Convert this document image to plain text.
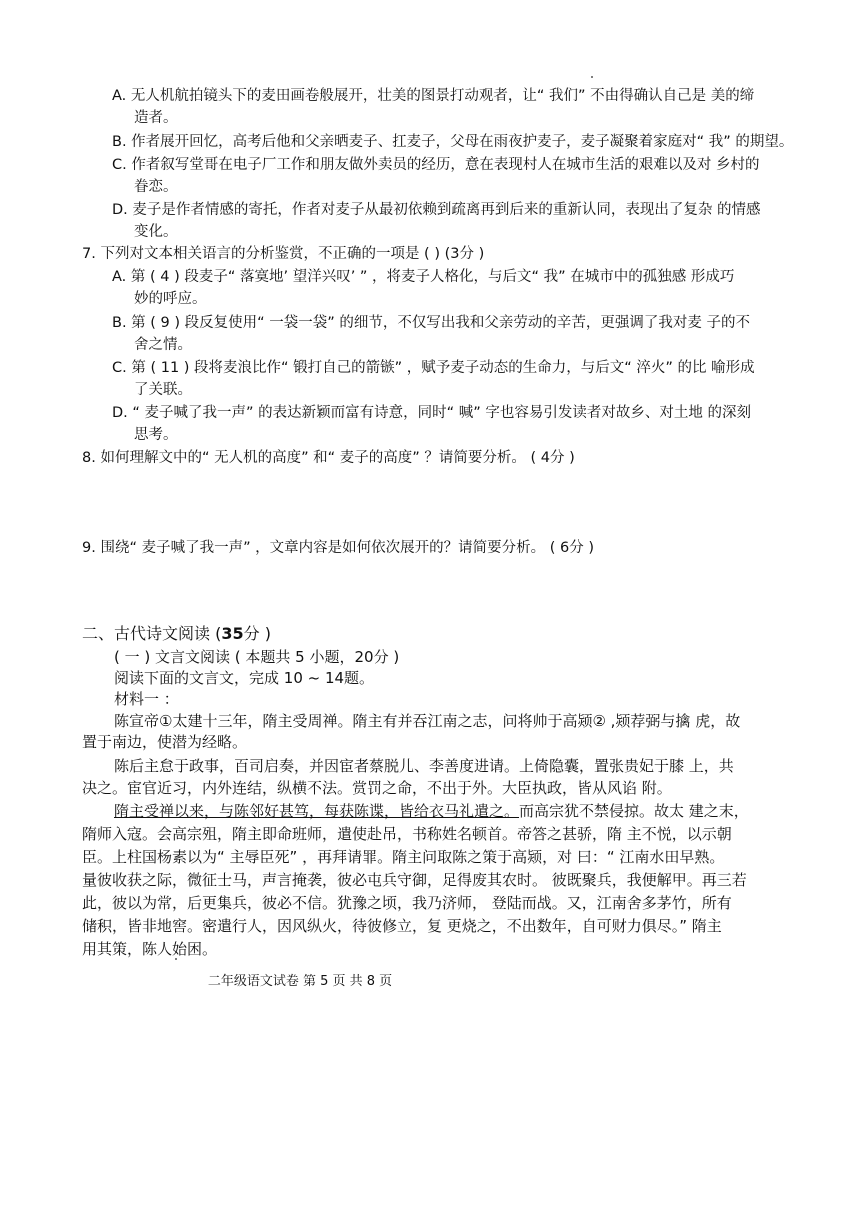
A. 无人机航拍镜头下的麦田画卷般展开，壮美的图景打动观者，让“ 我们” 不由得确认自己是 美的缔
造者。
B. 作者展开回忆，高考后他和父亲晒麦子、扛麦子，父母在雨夜护麦子，麦子凝聚着家庭对“ 我” 的期望。
C. 作者叙写堂哥在电子厂工作和朋友做外卖员的经历，意在表现村人在城市生活的艰难以及对 乡村的
眷恋。
D. 麦子是作者情感的寄托，作者对麦子从最初依赖到疏离再到后来的重新认同，表现出了复杂 的情感
变化。
7. 下列对文本相关语言的分析鉴赏，不正确的一项是 ( ) (3分 )
A. 第 ( 4 ) 段麦子“ 落寞地’ 望洋兴叹’ ” ，将麦子人格化，与后文“ 我” 在城市中的孤独感 形成巧
妙的呼应。
B. 第 ( 9 ) 段反复使用“ 一袋一袋” 的细节，不仅写出我和父亲劳动的辛苦，更强调了我对麦 子的不
舍之情。
C. 第 ( 11 ) 段将麦浪比作“ 锻打自己的箭镞” ，赋予麦子动态的生命力，与后文“ 淬火” 的比 喻形成
了关联。
D. “ 麦子喊了我一声” 的表达新颖而富有诗意，同时“ 喊” 字也容易引发读者对故乡、对土地 的深刻
思考。
8. 如何理解文中的“ 无人机的高度” 和“ 麦子的高度” ？请简要分析。 ( 4分 )
9. 围绕“ 麦子喊了我一声” ，文章内容是如何依次展开的？请简要分析。 ( 6分 )
二、古代诗文阅读 (35分 )
( 一 ) 文言文阅读 ( 本题共 5 小题，20分 )
阅读下面的文言文，完成 10 ~ 14题。
材料一 ：
陈宣帝①太建十三年，隋主受周禅。隋主有并吞江南之志，问将帅于高颎② ,颎荐弼与擒 虎，故
置于南边，使潜为经略。
陈后主怠于政事，百司启奏，并因宦者蔡脱儿、李善度进请。上倚隐囊，置张贵妃于膝 上，共
决之。宦官近习，内外连结，纵横不法。赏罚之命，不出于外。大臣执政，皆从风谄 附。
隋主受禅以来，与陈邻好甚笃，每获陈谍，皆给衣马礼遣之。而高宗犹不禁侵掠。故太 建之末，
隋师入寇。会高宗殂，隋主即命班师，遣使赴吊，书称姓名顿首。帝答之甚骄，隋 主不悦，以示朝
臣。上柱国杨素以为“ 主辱臣死” ，再拜请罪。隋主问取陈之策于高颎，对 曰：“ 江南水田早熟。
量彼收获之际，微征士马，声言掩袭，彼必屯兵守御，足得废其农时。 彼既聚兵，我便解甲。再三若
此，彼以为常，后更集兵，彼必不信。犹豫之顷，我乃济师， 登陆而战。又，江南舍多茅竹，所有
储积，皆非地窖。密遣行人，因风纵火，待彼修立，复 更烧之，不出数年，自可财力俱尽。” 隋主
用其策，陈人始困。
二年级语文试卷 第 5 页 共 8 页
